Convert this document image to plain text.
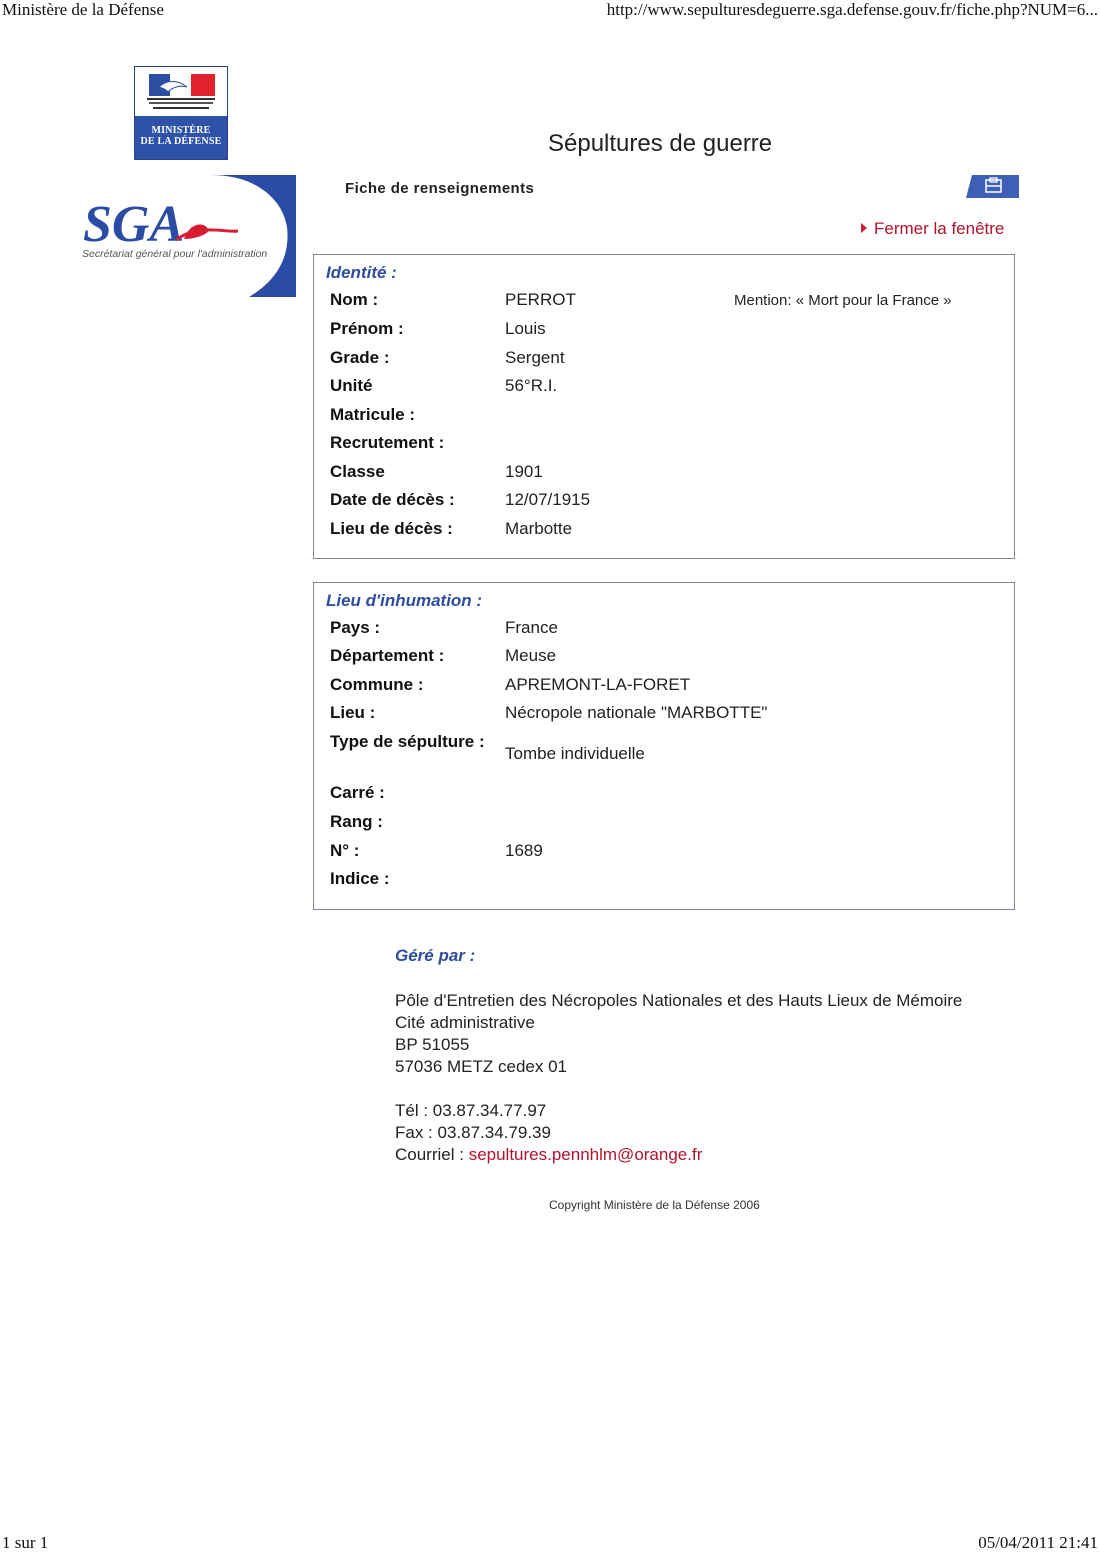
Ministère de la Défense	http://www.sepulturesdeguerre.sga.defense.gouv.fr/fiche.php?NUM=6...
MINISTÈRE
DE LA DÉFENSE
SGA
Secrétariat général pour l'administration
Sépultures de guerre
Fiche de renseignements
Fermer la fenêtre
Identité :
Mention: « Mort pour la France »
Nom :	PERROT
Prénom :	Louis
Grade :	Sergent
Unité	56°R.I.
Matricule :
Recrutement :
Classe	1901
Date de décès :	12/07/1915
Lieu de décès :	Marbotte
Lieu d'inhumation :
Pays :	France
Département :	Meuse
Commune :	APREMONT-LA-FORET
Lieu :	Nécropole nationale "MARBOTTE"
Type de sépulture :
Tombe individuelle
Carré :
Rang :
N° :	1689
Indice :
Géré par :
Pôle d'Entretien des Nécropoles Nationales et des Hauts Lieux de Mémoire
Cité administrative
BP 51055
57036 METZ cedex 01
Tél : 03.87.34.77.97
Fax : 03.87.34.79.39
Courriel : sepultures.pennhlm@orange.fr
Copyright Ministère de la Défense 2006
1 sur 1	05/04/2011 21:41
